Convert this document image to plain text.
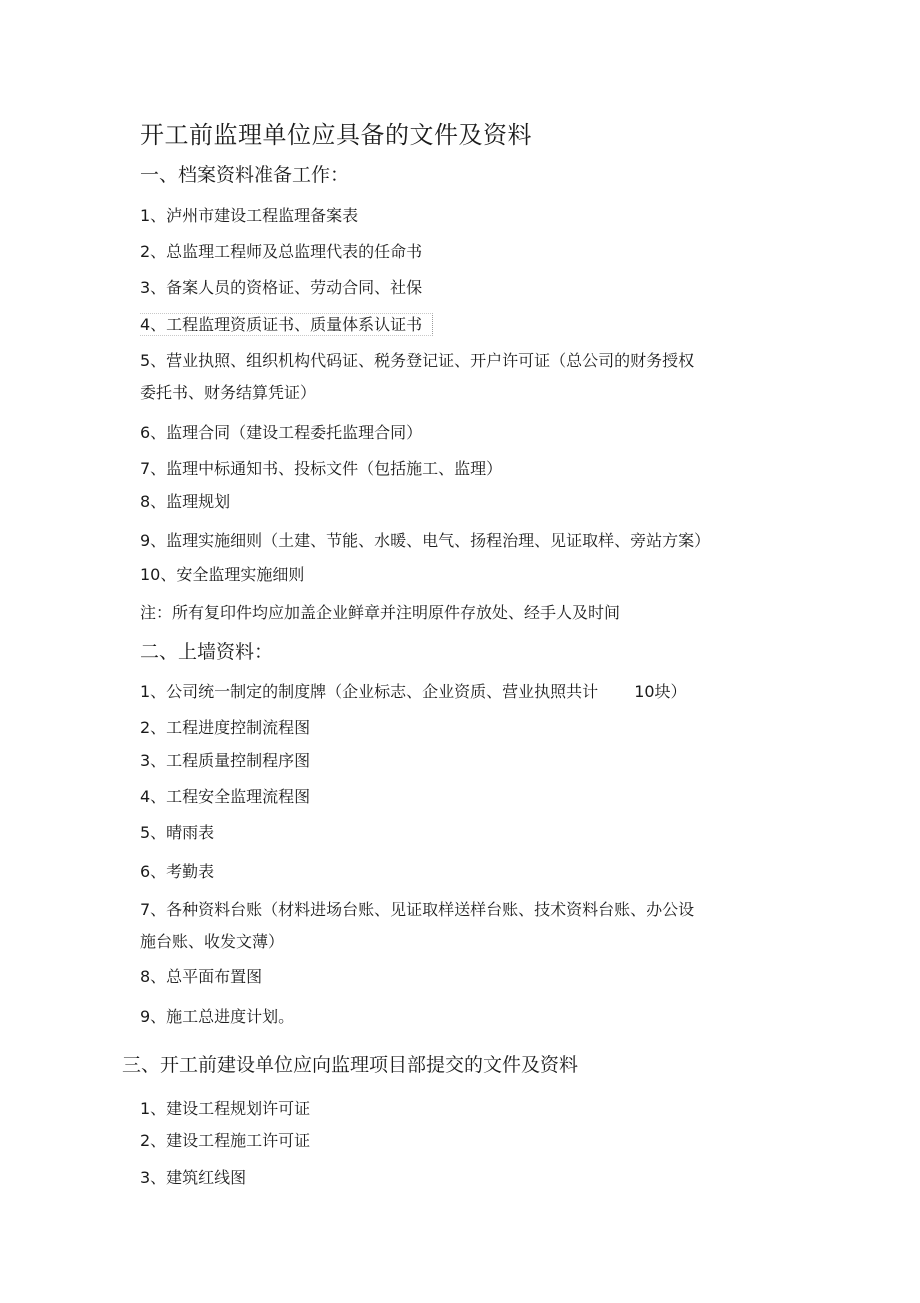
开工前监理单位应具备的文件及资料
一、档案资料准备工作：
1、泸州市建设工程监理备案表
2、总监理工程师及总监理代表的任命书
3、备案人员的资格证、劳动合同、社保
4、工程监理资质证书、质量体系认证书
5、营业执照、组织机构代码证、税务登记证、开户许可证（总公司的财务授权
委托书、财务结算凭证）
6、监理合同（建设工程委托监理合同）
7、监理中标通知书、投标文件（包括施工、监理）
8、监理规划
9、监理实施细则（土建、节能、水暖、电气、扬程治理、见证取样、旁站方案）
10、安全监理实施细则
注：所有复印件均应加盖企业鲜章并注明原件存放处、经手人及时间
二、上墙资料：
1、公司统一制定的制度牌（企业标志、企业资质、营业执照共计 10块）
2、工程进度控制流程图
3、工程质量控制程序图
4、工程安全监理流程图
5、晴雨表
6、考勤表
7、各种资料台账（材料进场台账、见证取样送样台账、技术资料台账、办公设
施台账、收发文薄）
8、总平面布置图
9、施工总进度计划。
三、开工前建设单位应向监理项目部提交的文件及资料
1、建设工程规划许可证
2、建设工程施工许可证
3、建筑红线图
